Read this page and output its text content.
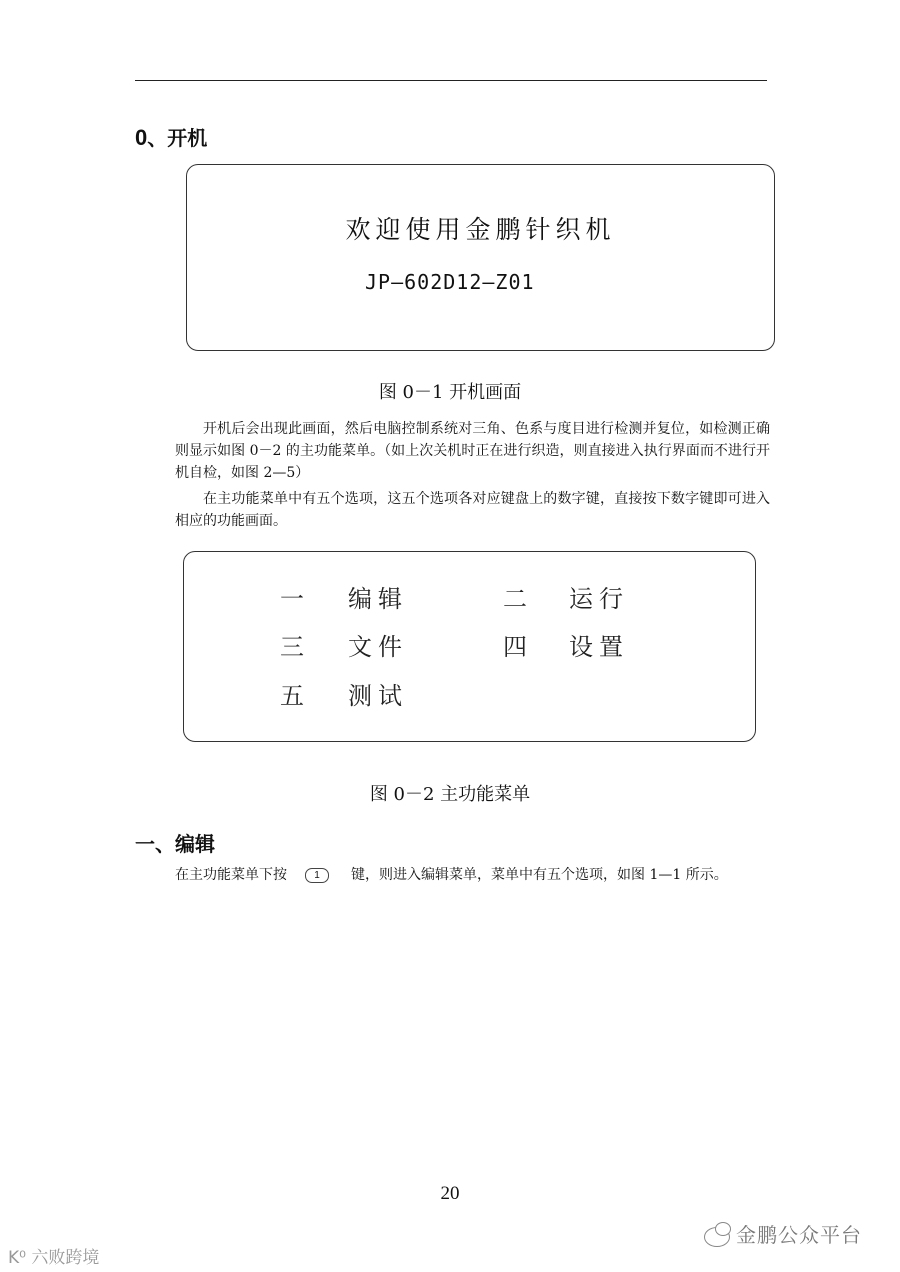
0、开机
欢迎使用金鹏针织机
JP—602D12—Z01
图 0－1 开机画面

开机后会出现此画面，然后电脑控制系统对三角、色系与度目进行检测并复位，如检测正确则显示如图 0－2 的主功能菜单。（如上次关机时正在进行织造，则直接进入执行界面而不进行开机自检，如图 2—5）

在主功能菜单中有五个选项，这五个选项各对应键盘上的数字键，直接按下数字键即可进入相应的功能画面。

一 编辑	二 运行
三 文件	四 设置
五 测试
图 0－2 主功能菜单
一、编辑

在主功能菜单下按	1 键，则进入编辑菜单，菜单中有五个选项，如图 1—1 所示。

20
金鹏公众平台
K⁰ 六败跨境
